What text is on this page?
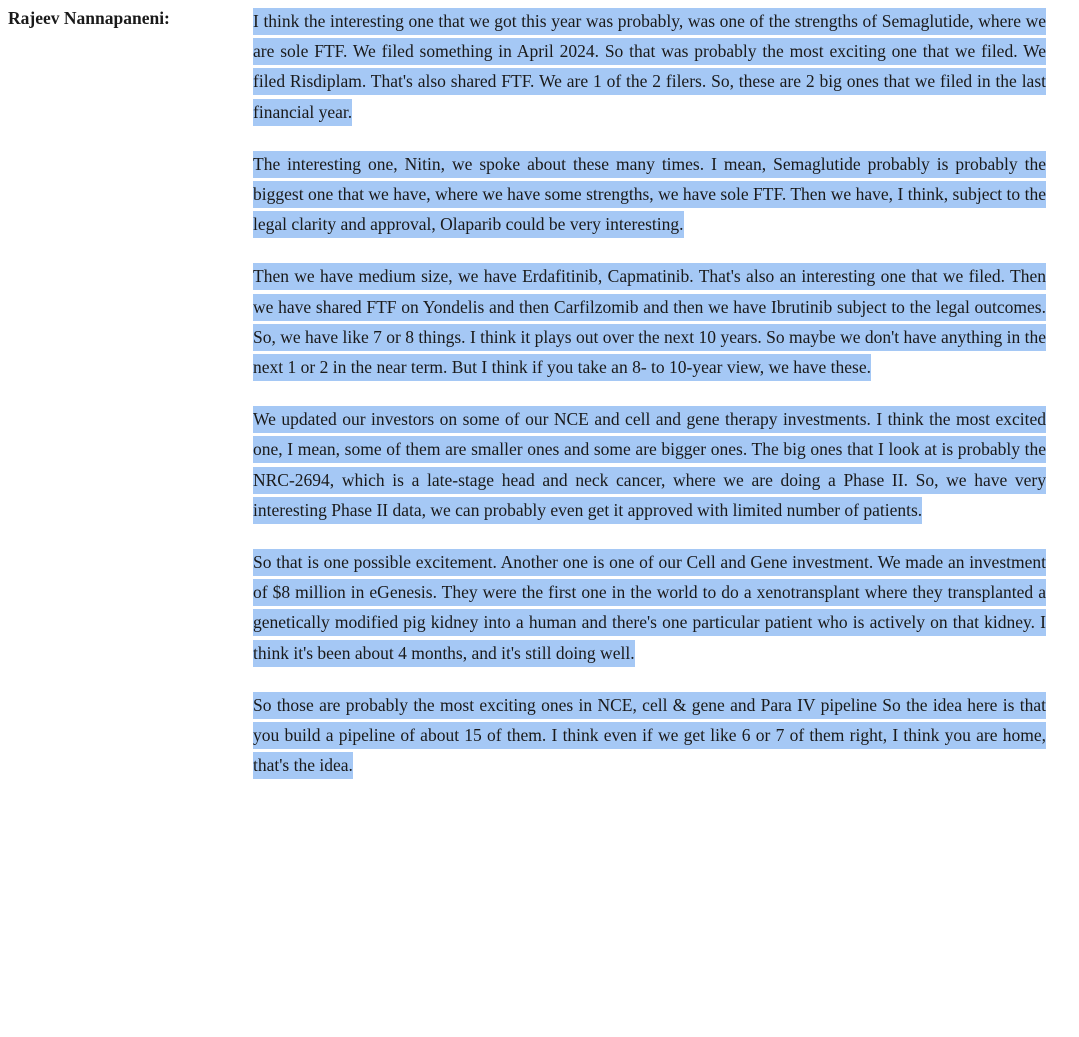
Rajeev Nannapaneni:	I think the interesting one that we got this year was probably, was one of the strengths of Semaglutide, where we are sole FTF. We filed something in April 2024. So that was probably the most exciting one that we filed. We filed Risdiplam. That's also shared FTF. We are 1 of the 2 filers. So, these are 2 big ones that we filed in the last financial year.

The interesting one, Nitin, we spoke about these many times. I mean, Semaglutide probably is probably the biggest one that we have, where we have some strengths, we have sole FTF. Then we have, I think, subject to the legal clarity and approval, Olaparib could be very interesting.

Then we have medium size, we have Erdafitinib, Capmatinib. That's also an interesting one that we filed. Then we have shared FTF on Yondelis and then Carfilzomib and then we have Ibrutinib subject to the legal outcomes. So, we have like 7 or 8 things. I think it plays out over the next 10 years. So maybe we don't have anything in the next 1 or 2 in the near term. But I think if you take an 8- to 10-year view, we have these.

We updated our investors on some of our NCE and cell and gene therapy investments. I think the most excited one, I mean, some of them are smaller ones and some are bigger ones. The big ones that I look at is probably the NRC-2694, which is a late-stage head and neck cancer, where we are doing a Phase II. So, we have very interesting Phase II data, we can probably even get it approved with limited number of patients.

So that is one possible excitement. Another one is one of our Cell and Gene investment. We made an investment of $8 million in eGenesis. They were the first one in the world to do a xenotransplant where they transplanted a genetically modified pig kidney into a human and there's one particular patient who is actively on that kidney. I think it's been about 4 months, and it's still doing well.

So those are probably the most exciting ones in NCE, cell & gene and Para IV pipeline So the idea here is that you build a pipeline of about 15 of them. I think even if we get like 6 or 7 of them right, I think you are home, that's the idea.
